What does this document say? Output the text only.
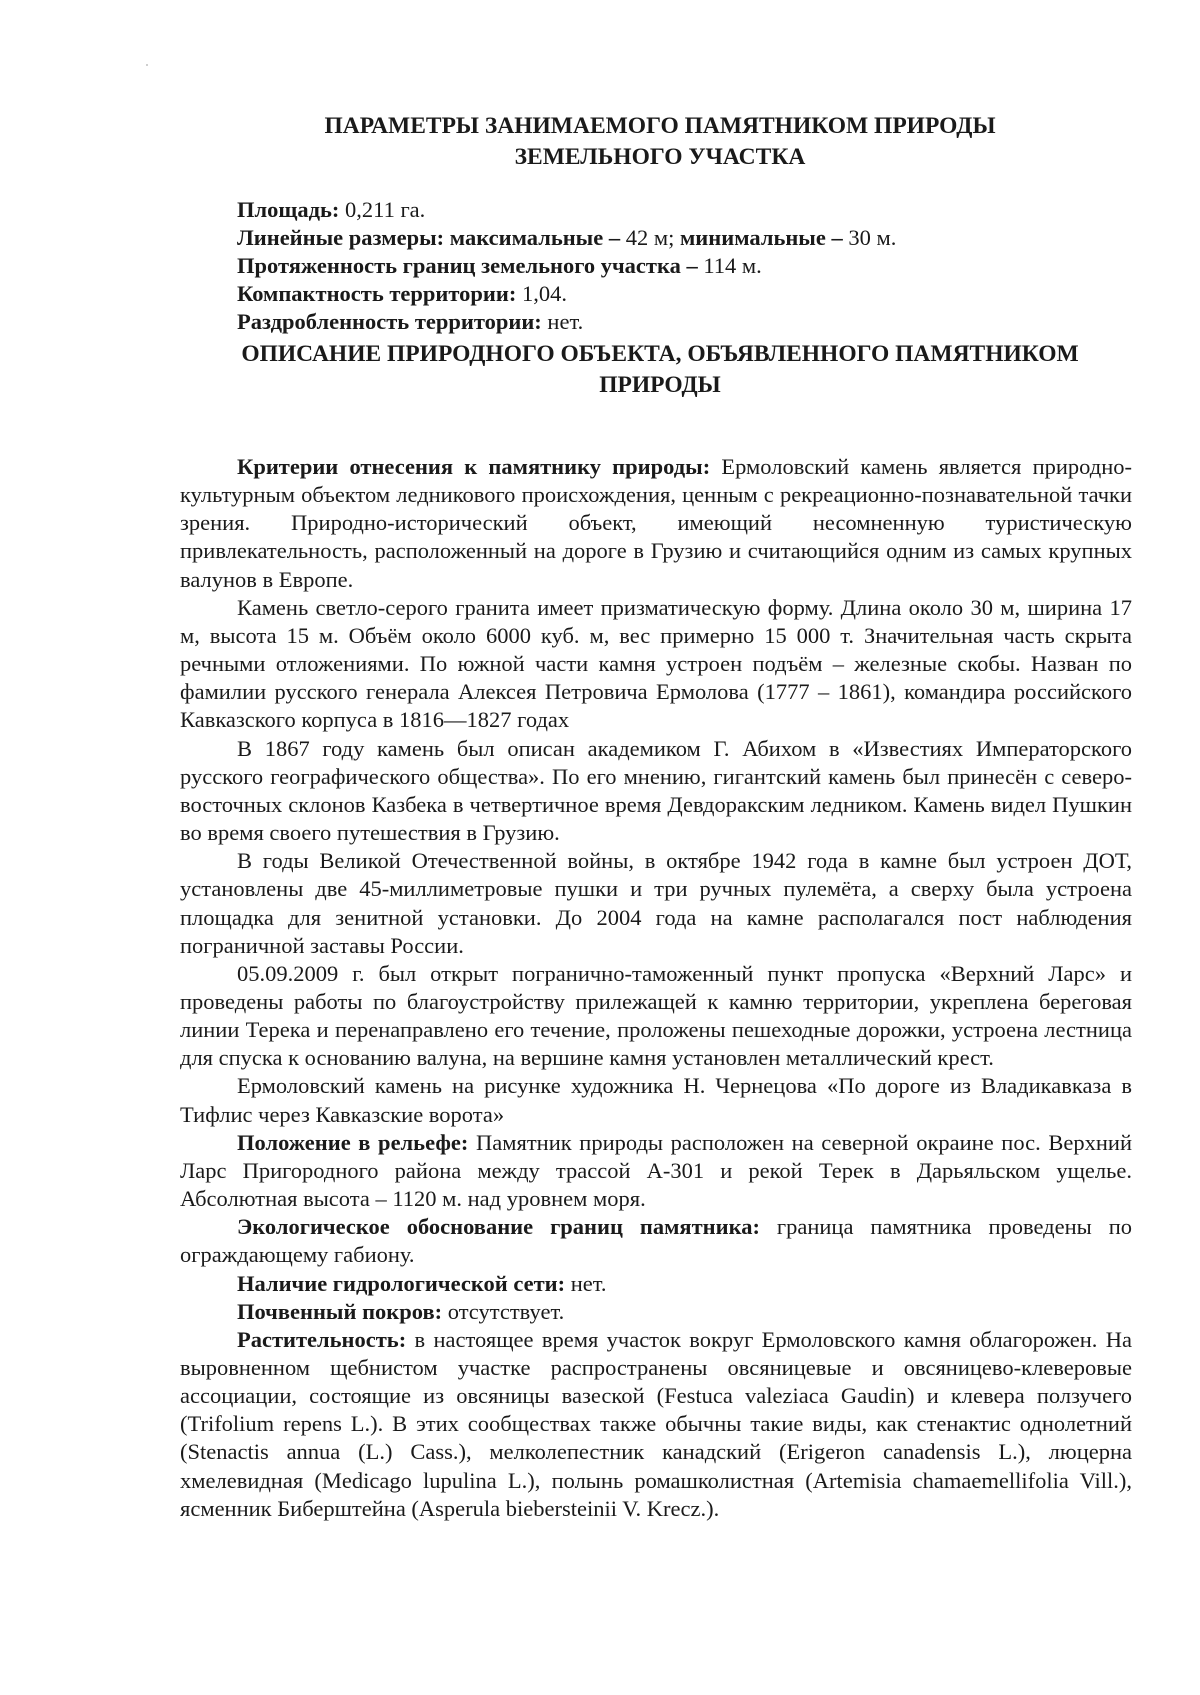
ПАРАМЕТРЫ ЗАНИМАЕМОГО ПАМЯТНИКОМ ПРИРОДЫ
ЗЕМЕЛЬНОГО УЧАСТКА
Площадь: 0,211 га.
Линейные размеры: максимальные – 42 м; минимальные – 30 м.
Протяженность границ земельного участка – 114 м.
Компактность территории: 1,04.
Раздробленность территории: нет.
ОПИСАНИЕ ПРИРОДНОГО ОБЪЕКТА, ОБЪЯВЛЕННОГО ПАМЯТНИКОМ
ПРИРОДЫ

Критерии отнесения к памятнику природы: Ермоловский камень является природно-культурным объектом ледникового происхождения, ценным с рекреационно-познавательной тачки зрения. Природно-исторический объект, имеющий несомненную туристическую привлекательность, расположенный на дороге в Грузию и считающийся одним из самых крупных валунов в Европе.

Камень светло-серого гранита имеет призматическую форму. Длина около 30 м, ширина 17 м, высота 15 м. Объём около 6000 куб. м, вес примерно 15 000 т. Значительная часть скрыта речными отложениями. По южной части камня устроен подъём – железные скобы. Назван по фамилии русского генерала Алексея Петровича Ермолова (1777 – 1861), командира российского Кавказского корпуса в 1816—1827 годах

В 1867 году камень был описан академиком Г. Абихом в «Известиях Императорского русского географического общества». По его мнению, гигантский камень был принесён с северо-восточных склонов Казбека в четвертичное время Девдоракским ледником. Камень видел Пушкин во время своего путешествия в Грузию.

В годы Великой Отечественной войны, в октябре 1942 года в камне был устроен ДОТ, установлены две 45-миллиметровые пушки и три ручных пулемёта, а сверху была устроена площадка для зенитной установки. До 2004 года на камне располагался пост наблюдения пограничной заставы России.

05.09.2009 г. был открыт погранично-таможенный пункт пропуска «Верхний Ларс» и проведены работы по благоустройству прилежащей к камню территории, укреплена береговая линии Терека и перенаправлено его течение, проложены пешеходные дорожки, устроена лестница для спуска к основанию валуна, на вершине камня установлен металлический крест.

Ермоловский камень на рисунке художника Н. Чернецова «По дороге из Владикавказа в Тифлис через Кавказские ворота»

Положение в рельефе: Памятник природы расположен на северной окраине пос. Верхний Ларс Пригородного района между трассой А-301 и рекой Терек в Дарьяльском ущелье. Абсолютная высота – 1120 м. над уровнем моря.

Экологическое обоснование границ памятника: граница памятника проведены по ограждающему габиону.

Наличие гидрологической сети: нет.

Почвенный покров: отсутствует.

Растительность: в настоящее время участок вокруг Ермоловского камня облагорожен. На выровненном щебнистом участке распространены овсяницевые и овсяницево-клеверовые ассоциации, состоящие из овсяницы вазеской (Festuca valeziaca Gaudin) и клевера ползучего (Trifolium repens L.). В этих сообществах также обычны такие виды, как стенактис однолетний (Stenactis annua (L.) Cass.), мелколепестник канадский (Erigeron canadensis L.), люцерна хмелевидная (Medicago lupulina L.), полынь ромашколистная (Artemisia chamaemellifolia Vill.), ясменник Биберштейна (Asperula biebersteinii V. Krecz.).
